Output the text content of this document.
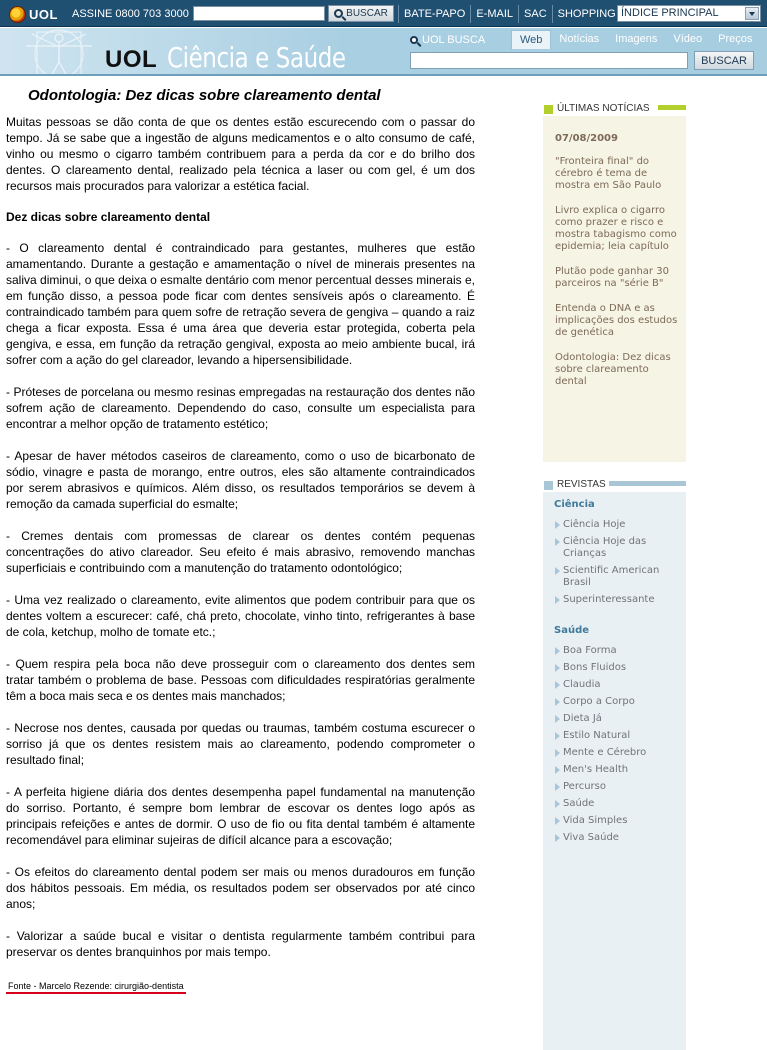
UOL ASSINE 0800 703 3000	BUSCAR	BATE-PAPO	E-MAIL	SAC	SHOPPING ÍNDICE PRINCIPAL
UOL Ciência e Saúde
UOL BUSCA	Web	Notícias	Imagens	Vídeo	Preços
BUSCAR
Odontologia: Dez dicas sobre clareamento dental

Muitas pessoas se dão conta de que os dentes estão escurecendo com o passar do tempo. Já se sabe que a ingestão de alguns medicamentos e o alto consumo de café, vinho ou mesmo o cigarro também contribuem para a perda da cor e do brilho dos dentes. O clareamento dental, realizado pela técnica a laser ou com gel, é um dos recursos mais procurados para valorizar a estética facial.

Dez dicas sobre clareamento dental

- O clareamento dental é contraindicado para gestantes, mulheres que estão amamentando. Durante a gestação e amamentação o nível de minerais presentes na saliva diminui, o que deixa o esmalte dentário com menor percentual desses minerais e, em função disso, a pessoa pode ficar com dentes sensíveis após o clareamento. É contraindicado também para quem sofre de retração severa de gengiva – quando a raiz chega a ficar exposta. Essa é uma área que deveria estar protegida, coberta pela gengiva, e essa, em função da retração gengival, exposta ao meio ambiente bucal, irá sofrer com a ação do gel clareador, levando a hipersensibilidade.

- Próteses de porcelana ou mesmo resinas empregadas na restauração dos dentes não sofrem ação de clareamento. Dependendo do caso, consulte um especialista para encontrar a melhor opção de tratamento estético;

- Apesar de haver métodos caseiros de clareamento, como o uso de bicarbonato de sódio, vinagre e pasta de morango, entre outros, eles são altamente contraindicados por serem abrasivos e químicos. Além disso, os resultados temporários se devem à remoção da camada superficial do esmalte;

- Cremes dentais com promessas de clarear os dentes contém pequenas concentrações do ativo clareador. Seu efeito é mais abrasivo, removendo manchas superficiais e contribuindo com a manutenção do tratamento odontológico;

- Uma vez realizado o clareamento, evite alimentos que podem contribuir para que os dentes voltem a escurecer: café, chá preto, chocolate, vinho tinto, refrigerantes à base de cola, ketchup, molho de tomate etc.;

- Quem respira pela boca não deve prosseguir com o clareamento dos dentes sem tratar também o problema de base. Pessoas com dificuldades respiratórias geralmente têm a boca mais seca e os dentes mais manchados;

- Necrose nos dentes, causada por quedas ou traumas, também costuma escurecer o sorriso já que os dentes resistem mais ao clareamento, podendo comprometer o resultado final;

- A perfeita higiene diária dos dentes desempenha papel fundamental na manutenção do sorriso. Portanto, é sempre bom lembrar de escovar os dentes logo após as principais refeições e antes de dormir. O uso de fio ou fita dental também é altamente recomendável para eliminar sujeiras de difícil alcance para a escovação;

- Os efeitos do clareamento dental podem ser mais ou menos duradouros em função dos hábitos pessoais. Em média, os resultados podem ser observados por até cinco anos;

- Valorizar a saúde bucal e visitar o dentista regularmente também contribui para preservar os dentes branquinhos por mais tempo.

Fonte - Marcelo Rezende: cirurgião-dentista
ÚLTIMAS NOTÍCIAS
07/08/2009
"Fronteira final" do cérebro é tema de mostra em São Paulo
Livro explica o cigarro como prazer e risco e mostra tabagismo como epidemia; leia capítulo
Plutão pode ganhar 30 parceiros na "série B"
Entenda o DNA e as implicações dos estudos de genética
Odontologia: Dez dicas sobre clareamento dental
REVISTAS
Ciência
Ciência Hoje
Ciência Hoje das Crianças
Scientific American Brasil
Superinteressante
Saúde
Boa Forma
Bons Fluidos
Claudia
Corpo a Corpo
Dieta Já
Estilo Natural
Mente e Cérebro
Men's Health
Percurso
Saúde
Vida Simples
Viva Saúde
